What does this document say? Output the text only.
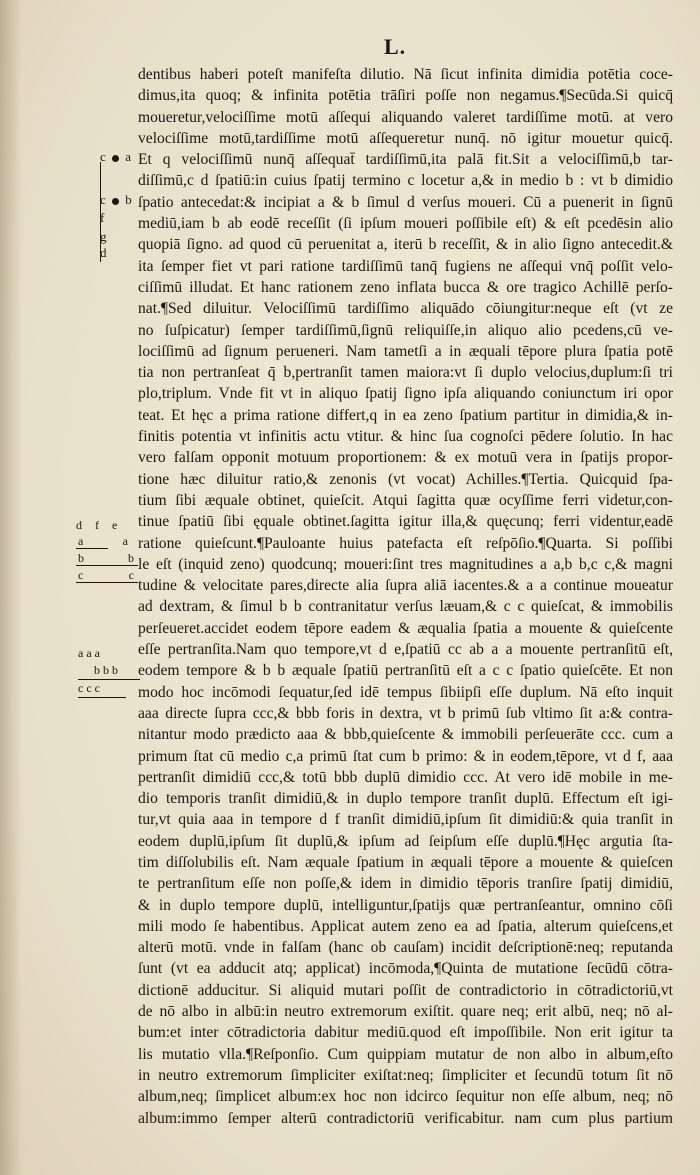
L.
dentibus haberi poteſt manifeſta dilutio. Nā ſicut infinita dimidia potētia coce-
dimus,ita quoq; & infinita potētia trāſiri poſſe non negamus.¶Secūda.Si quicq̄
moueretur,velociſſime motū aſſequi aliquando valeret tardiſſime motū. at vero
velociſſime motū,tardiſſime motū aſſequeretur nunq̄. nō igitur mouetur quicq̄.
Et q velociſſimū nunq̄ aſſequat̄ tardiſſimū,ita palā fit.Sit a velociſſimū,b tar-
diſſimū,c d ſpatiū:in cuius ſpatij termino c locetur a,& in medio b : vt b dimidio
ſpatio antecedat:& incipiat a & b ſimul d verſus moueri. Cū a puenerit in ſignū
mediū,iam b ab eodē receſſit (ſi ipſum moueri poſſibile eſt) & eſt pcedēsin alio
quopiā ſigno. ad quod cū peruenitat a, iterū b receſſit, & in alio ſigno antecedit.&
ita ſemper fiet vt pari ratione tardiſſimū tanq̄ fugiens ne aſſequi vnq̄ poſſit velo-
ciſſimū illudat. Et hanc rationem zeno inflata bucca & ore tragico Achillē perſo-
nat.¶Sed diluitur. Velociſſimū tardiſſimo aliquādo cōiungitur:neque eſt (vt ze
no ſuſpicatur) ſemper tardiſſimū,ſignū reliquiſſe,in aliquo alio pcedens,cū ve-
lociſſimū ad ſignum perueneri. Nam tametſi a in æquali tēpore plura ſpatia potē
tia non pertranſeat q̄ b,pertranſit tamen maiora:vt ſi duplo velocius,duplum:ſi tri
plo,triplum. Vnde fit vt in aliquo ſpatij ſigno ipſa aliquando coniunctum iri opor
teat. Et hęc a prima ratione differt,q in ea zeno ſpatium partitur in dimidia,& in-
finitis potentia vt infinitis actu vtitur. & hinc ſua cognoſci pēdere ſolutio. In hac
vero falſam opponit motuum proportionem: & ex motuū vera in ſpatijs propor-
tione hæc diluitur ratio,& zenonis (vt vocat) Achilles.¶Tertia. Quicquid ſpa-
tium ſibi æquale obtinet, quieſcit. Atqui ſagitta quæ ocyſſime ferri videtur,con-
tinue ſpatiū ſibi ęquale obtinet.ſagitta igitur illa,& quęcunq; ferri videntur,eadē
ratione quieſcunt.¶Pauloante huius patefacta eſt reſpōſio.¶Quarta. Si poſſibi
le eſt (inquid zeno) quodcunq; moueri:ſint tres magnitudines a a,b b,c c,& magni
tudine & velocitate pares,directe alia ſupra aliā iacentes.& a a continue moueatur
ad dextram, & ſimul b b contranitatur verſus læuam,& c c quieſcat, & immobilis
perſeueret.accidet eodem tēpore eadem & æqualia ſpatia a mouente & quieſcente
eſſe pertranſita.Nam quo tempore,vt d e,ſpatiū cc ab a a mouente pertranſitū eſt,
eodem tempore & b b æquale ſpatiū pertranſitū eſt a c c ſpatio quieſcēte. Et non
modo hoc incōmodi ſequatur,ſed idē tempus ſibiipſi eſſe duplum. Nā eſto inquit
aaa directe ſupra ccc,& bbb foris in dextra, vt b primū ſub vltimo ſit a:& contra-
nitantur modo prædicto aaa & bbb,quieſcente & immobili perſeuerāte ccc. cum a
primum ſtat cū medio c,a primū ſtat cum b primo: & in eodem,tēpore, vt d f, aaa
pertranſit dimidiū ccc,& totū bbb duplū dimidio ccc. At vero idē mobile in me-
dio temporis tranſit dimidiū,& in duplo tempore tranſit duplū. Effectum eſt igi-
tur,vt quia aaa in tempore d f tranſit dimidiū,ipſum ſit dimidiū:& quia tranſit in
eodem duplū,ipſum ſit duplū,& ipſum ad ſeipſum eſſe duplū.¶Hęc argutia ſta-
tim diſſolubilis eſt. Nam æquale ſpatium in æquali tēpore a mouente & quieſcen
te pertranſitum eſſe non poſſe,& idem in dimidio tēporis tranſire ſpatij dimidiū,
& in duplo tempore duplū, intelliguntur,ſpatijs quæ pertranſeantur, omnino cōſi
mili modo ſe habentibus. Applicat autem zeno ea ad ſpatia, alterum quieſcens,et
alterū motū. vnde in falſam (hanc ob cauſam) incidit deſcriptionē:neq; reputanda
ſunt (vt ea adducit atq; applicat) incōmoda,¶Quinta de mutatione ſecūdū cōtra-
dictionē adducitur. Si aliquid mutari poſſit de contradictorio in cōtradictoriū,vt
de nō albo in albū:in neutro extremorum exiſtit. quare neq; erit albū, neq; nō al-
bum:et inter cōtradictoria dabitur mediū.quod eſt impoſſibile. Non erit igitur ta
lis mutatio vlla.¶Reſponſio. Cum quippiam mutatur de non albo in album,eſto
in neutro extremorum ſimpliciter exiſtat:neq; ſimpliciter et ſecundū totum ſit nō
album,neq; ſimplicet album:ex hoc non idcirco ſequitur non eſſe album, neq; nō
album:immo ſemper alterū contradictoriū verificabitur. nam cum plus partium
c a
c b
f
g
d
d f e
a	a
b	b
c	c
a a a
b b b
c c c
